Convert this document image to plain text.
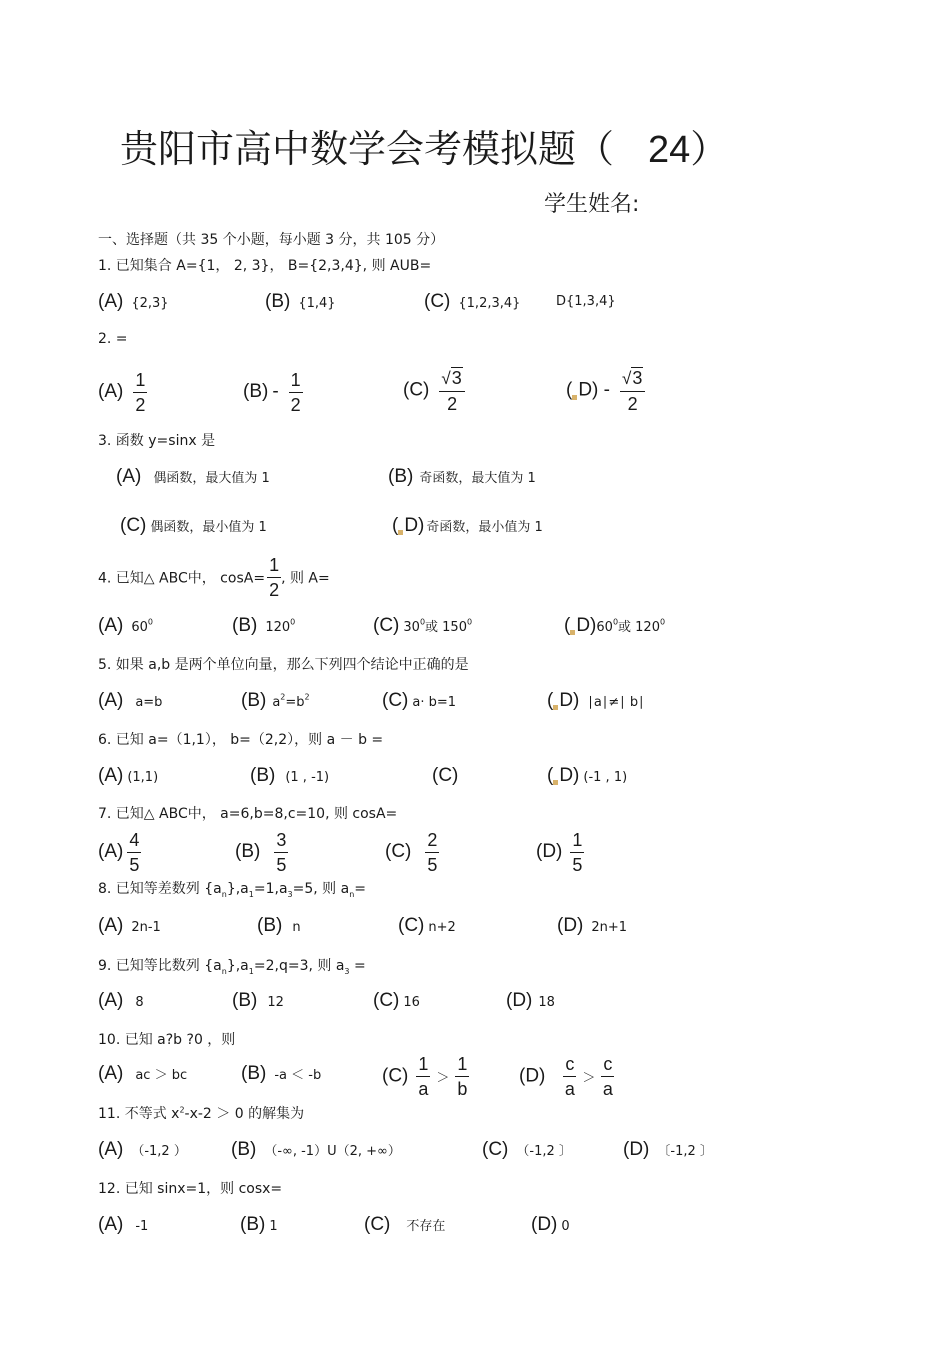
贵阳市高中数学会考模拟题（ 24）
学生姓名:
一、选择题（共 35 个小题，每小题 3 分，共 105 分）
1. 已知集合 A={1， 2, 3}， B={2,3,4}, 则 AUB=
(A) {2,3}	(B) {1,4}	(C) {1,2,3,4}	D{1,3,4}
2. =
$(A) \frac{1}{2}$	$(B) - \frac{1}{2}$	$(C) \frac{√3}{2}$	( $D) - \frac{√3}{2}$
3. 函数 y=sinx 是
(A) 偶函数，最大值为 1	(B) 奇函数，最大值为 1
(C) 偶函数，最小值为 1	( D) 奇函数，最小值为 1
4. 已知△ ABC中， $\cos A= \frac{1}{2}$ , 则 A=
(A) $60^0$	(B) $120^0$	(C) $30^0$或 $150^0$	( $D)60^0$或 $120^0$
5. 如果 a,b 是两个单位向量，那么下列四个结论中正确的是
(A) a=b	(B) $a^2=b^2$	(C) a· b=1	( D) ∣a∣≠∣ b∣
6. 已知 a=（1,1）， b=（2,2），则 a － b =
(A) (1,1)	(B) (1 , -1)	(C)	( D) (-1 , 1)
7. 已知△ ABC中， a=6,b=8,c=10, 则 cosA=
$(A) \frac{4}{5}$	$(B) \frac{3}{5}$	$(C) \frac{2}{5}$	$(D) \frac{1}{5}$
8. 已知等差数列 $\{a_n\},a_1=1,a_3=5$, 则 $a_n=$
(A) 2n-1	(B) n	(C) n+2	(D) 2n+1
9. 已知等比数列 $\{a_n\},a_1=2,q=3$, 则 $a_3$ =
(A) 8	(B) 12	(C) 16	(D) 18
10. 已知 a?b ?0 ，则
(A) ac ＞ bc	(B) -a ＜ -b	$(C) \frac{1}{a} > \frac{1}{b}$	$(D) \frac{c}{a} > \frac{c}{a}$
11. 不等式 $x^2-x-2 > 0$ 的解集为
(A) （-1,2 ） (B) （-∞, -1）U（2, +∞）	(C) （-1,2 〕	(D) 〔-1,2 〕
12. 已知 sinx=1，则 cosx=
(A) -1	(B) 1	(C) 不存在	(D) 0
